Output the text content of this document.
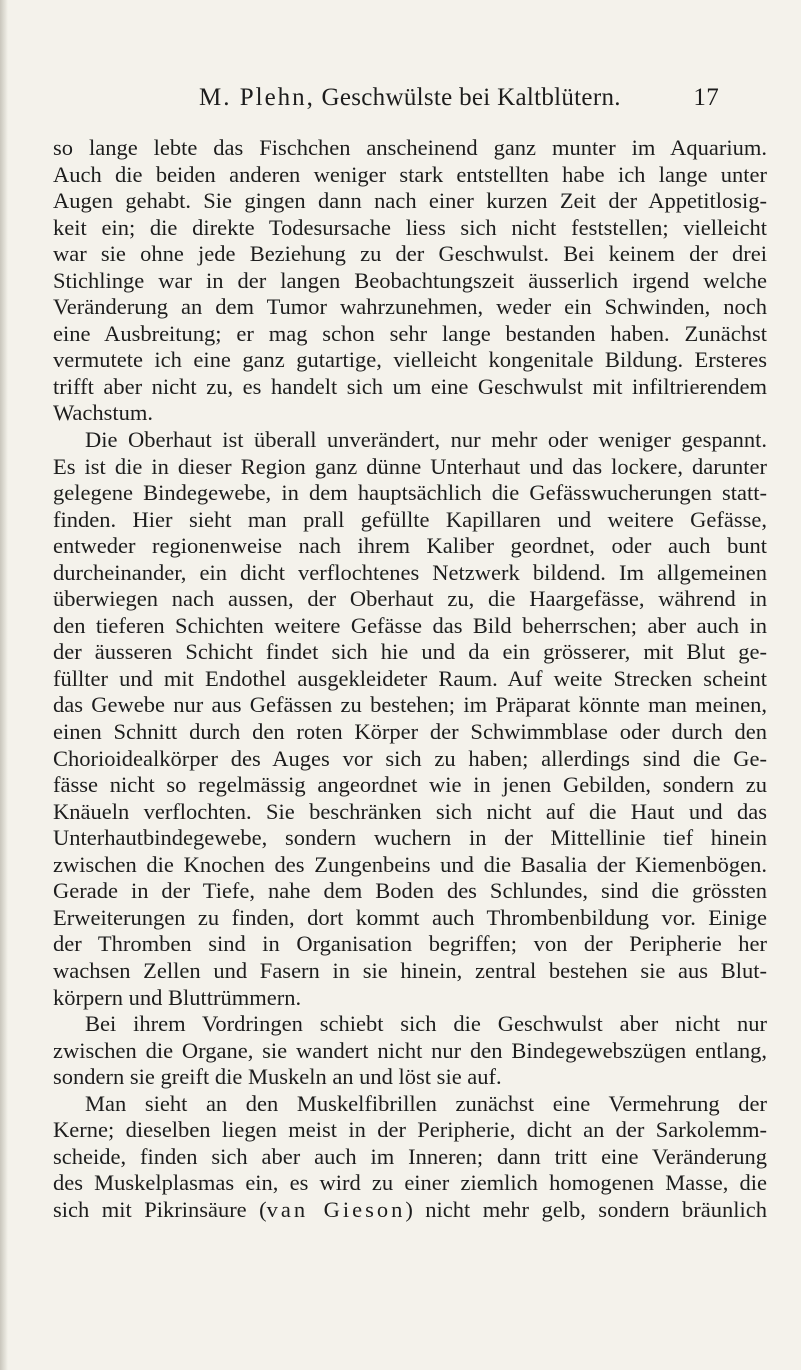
M. Plehn, Geschwülste bei Kaltblütern.	17
so lange lebte das Fischchen anscheinend ganz munter im Aquarium.
Auch die beiden anderen weniger stark entstellten habe ich lange unter
Augen gehabt. Sie gingen dann nach einer kurzen Zeit der Appetitlosig-
keit ein; die direkte Todesursache liess sich nicht feststellen; vielleicht
war sie ohne jede Beziehung zu der Geschwulst. Bei keinem der drei
Stichlinge war in der langen Beobachtungszeit äusserlich irgend welche
Veränderung an dem Tumor wahrzunehmen, weder ein Schwinden, noch
eine Ausbreitung; er mag schon sehr lange bestanden haben. Zunächst
vermutete ich eine ganz gutartige, vielleicht kongenitale Bildung. Ersteres
trifft aber nicht zu, es handelt sich um eine Geschwulst mit infiltrierendem
Wachstum.
Die Oberhaut ist überall unverändert, nur mehr oder weniger gespannt.
Es ist die in dieser Region ganz dünne Unterhaut und das lockere, darunter
gelegene Bindegewebe, in dem hauptsächlich die Gefässwucherungen statt-
finden. Hier sieht man prall gefüllte Kapillaren und weitere Gefässe,
entweder regionenweise nach ihrem Kaliber geordnet, oder auch bunt
durcheinander, ein dicht verflochtenes Netzwerk bildend. Im allgemeinen
überwiegen nach aussen, der Oberhaut zu, die Haargefässe, während in
den tieferen Schichten weitere Gefässe das Bild beherrschen; aber auch in
der äusseren Schicht findet sich hie und da ein grösserer, mit Blut ge-
füllter und mit Endothel ausgekleideter Raum. Auf weite Strecken scheint
das Gewebe nur aus Gefässen zu bestehen; im Präparat könnte man meinen,
einen Schnitt durch den roten Körper der Schwimmblase oder durch den
Chorioidealkörper des Auges vor sich zu haben; allerdings sind die Ge-
fässe nicht so regelmässig angeordnet wie in jenen Gebilden, sondern zu
Knäueln verflochten. Sie beschränken sich nicht auf die Haut und das
Unterhautbindegewebe, sondern wuchern in der Mittellinie tief hinein
zwischen die Knochen des Zungenbeins und die Basalia der Kiemenbögen.
Gerade in der Tiefe, nahe dem Boden des Schlundes, sind die grössten
Erweiterungen zu finden, dort kommt auch Thrombenbildung vor. Einige
der Thromben sind in Organisation begriffen; von der Peripherie her
wachsen Zellen und Fasern in sie hinein, zentral bestehen sie aus Blut-
körpern und Bluttrümmern.
Bei ihrem Vordringen schiebt sich die Geschwulst aber nicht nur
zwischen die Organe, sie wandert nicht nur den Bindegewebszügen entlang,
sondern sie greift die Muskeln an und löst sie auf.
Man sieht an den Muskelfibrillen zunächst eine Vermehrung der
Kerne; dieselben liegen meist in der Peripherie, dicht an der Sarkolemm-
scheide, finden sich aber auch im Inneren; dann tritt eine Veränderung
des Muskelplasmas ein, es wird zu einer ziemlich homogenen Masse, die
sich mit Pikrinsäure (van Gieson) nicht mehr gelb, sondern bräunlich
